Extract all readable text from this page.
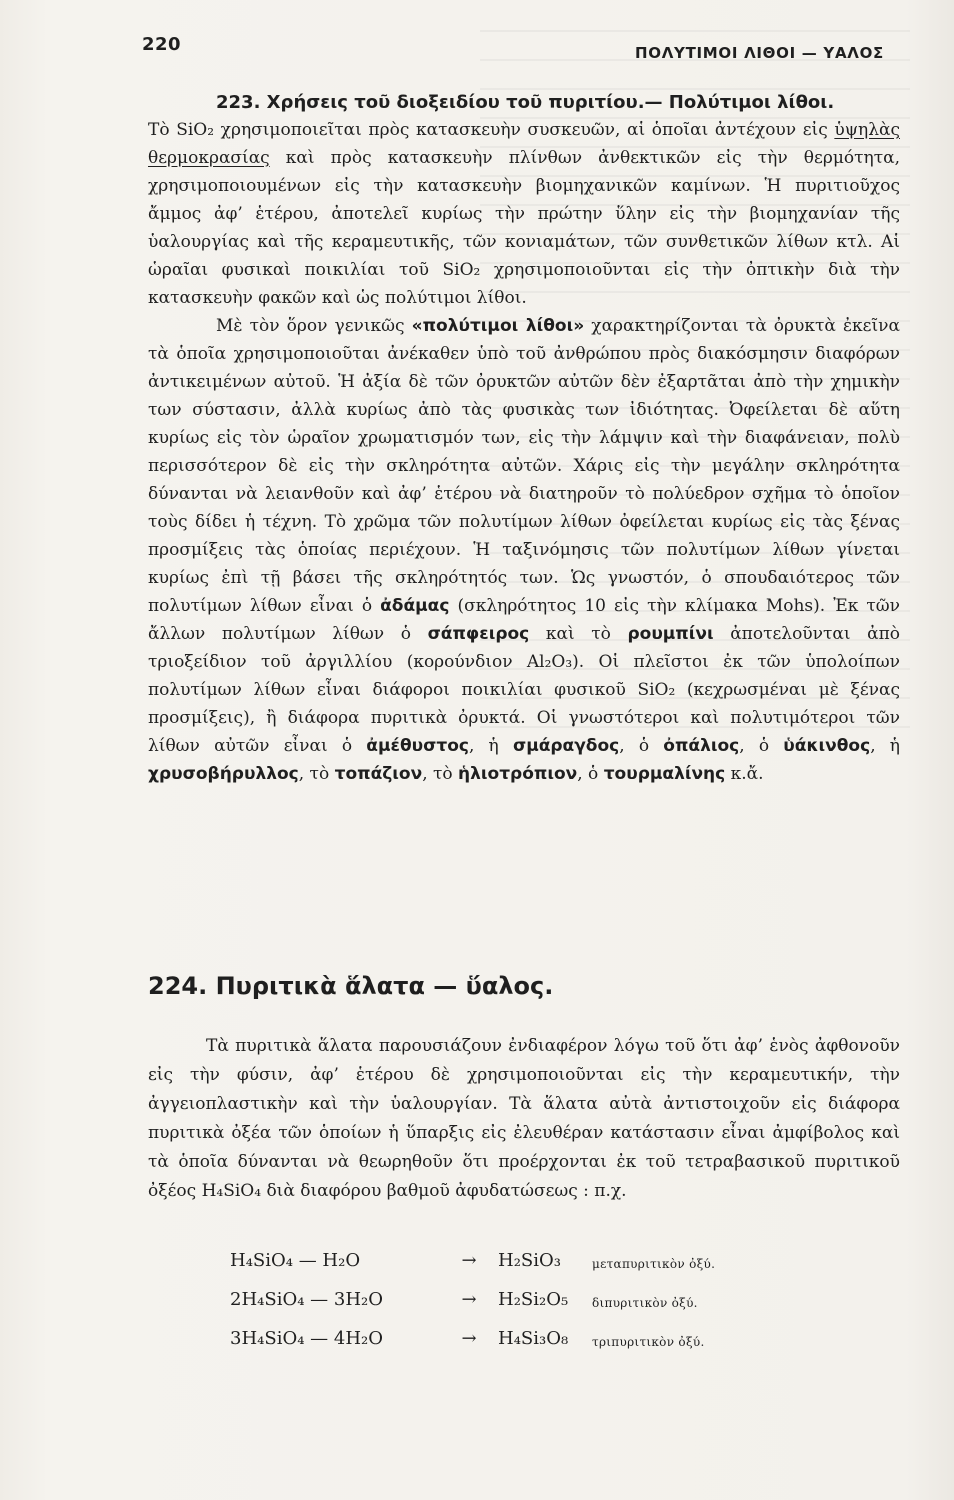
220	ΠΟΛΥΤΙΜΟΙ ΛΙΘΟΙ — ΥΑΛΟΣ
223. Χρήσεις τοῦ διοξειδίου τοῦ πυριτίου.— Πολύτιμοι λίθοι.

Τὸ SiO₂ χρησιμοποιεῖται πρὸς κατασκευὴν συσκευῶν, αἱ ὁποῖαι ἀντέχουν εἰς ὑψηλὰς θερμοκρασίας καὶ πρὸς κατασκευὴν πλίνθων ἀνθεκτικῶν εἰς τὴν θερμότητα, χρησιμοποιουμένων εἰς τὴν κατασκευὴν βιομηχανικῶν καμίνων. Ἡ πυριτιοῦχος ἄμμος ἀφ’ ἑτέρου, ἀποτελεῖ κυρίως τὴν πρώτην ὕλην εἰς τὴν βιομηχανίαν τῆς ὑαλουργίας καὶ τῆς κεραμευτικῆς, τῶν κονιαμάτων, τῶν συνθετικῶν λίθων κτλ. Αἱ ὡραῖαι φυσικαὶ ποικιλίαι τοῦ SiO₂ χρησιμοποιοῦνται εἰς τὴν ὀπτικὴν διὰ τὴν κατασκευὴν φακῶν καὶ ὡς πολύτιμοι λίθοι.

Μὲ τὸν ὅρον γενικῶς «πολύτιμοι λίθοι» χαρακτηρίζονται τὰ ὀρυκτὰ ἐκεῖνα τὰ ὁποῖα χρησιμοποιοῦται ἀνέκαθεν ὑπὸ τοῦ ἀνθρώπου πρὸς διακόσμησιν διαφόρων ἀντικειμένων αὐτοῦ. Ἡ ἀξία δὲ τῶν ὀρυκτῶν αὐτῶν δὲν ἐξαρτᾶται ἀπὸ τὴν χημικὴν των σύστασιν, ἀλλὰ κυρίως ἀπὸ τὰς φυσικὰς των ἰδιότητας. Ὀφείλεται δὲ αὕτη κυρίως εἰς τὸν ὡραῖον χρωματισμόν των, εἰς τὴν λάμψιν καὶ τὴν διαφάνειαν, πολὺ περισσότερον δὲ εἰς τὴν σκληρότητα αὐτῶν. Χάρις εἰς τὴν μεγάλην σκληρότητα δύνανται νὰ λειανθοῦν καὶ ἀφ’ ἑτέρου νὰ διατηροῦν τὸ πολύεδρον σχῆμα τὸ ὁποῖον τοὺς δίδει ἡ τέχνη. Τὸ χρῶμα τῶν πολυτίμων λίθων ὀφείλεται κυρίως εἰς τὰς ξένας προσμίξεις τὰς ὁποίας περιέχουν. Ἡ ταξινόμησις τῶν πολυτίμων λίθων γίνεται κυρίως ἐπὶ τῇ βάσει τῆς σκληρότητός των. Ὡς γνωστόν, ὁ σπουδαιότερος τῶν πολυτίμων λίθων εἶναι ὁ ἀδάμας (σκληρότητος 10 εἰς τὴν κλίμακα Mohs). Ἐκ τῶν ἄλλων πολυτίμων λίθων ὁ σάπφειρος καὶ τὸ ρουμπίνι ἀποτελοῦνται ἀπὸ τριοξείδιον τοῦ ἀργιλλίου (κορούνδιον Al₂O₃). Οἱ πλεῖστοι ἐκ τῶν ὑπολοίπων πολυτίμων λίθων εἶναι διάφοροι ποικιλίαι φυσικοῦ SiO₂ (κεχρωσμέναι μὲ ξένας προσμίξεις), ἢ διάφορα πυριτικὰ ὀρυκτά. Οἱ γνωστότεροι καὶ πολυτιμότεροι τῶν λίθων αὐτῶν εἶναι ὁ ἀμέθυστος, ἡ σμάραγδος, ὁ ὀπάλιος, ὁ ὑάκινθος, ἡ χρυσοβήρυλλος, τὸ τοπάζιον, τὸ ἡλιοτρόπιον, ὁ τουρμαλίνης κ.ἄ.

224. Πυριτικὰ ἅλατα — ὕαλος.

Τὰ πυριτικὰ ἅλατα παρουσιάζουν ἐνδιαφέρον λόγω τοῦ ὅτι ἀφ’ ἑνὸς ἀφθονοῦν εἰς τὴν φύσιν, ἀφ’ ἑτέρου δὲ χρησιμοποιοῦνται εἰς τὴν κεραμευτικήν, τὴν ἀγγειοπλαστικὴν καὶ τὴν ὑαλουργίαν. Τὰ ἅλατα αὐτὰ ἀντιστοιχοῦν εἰς διάφορα πυριτικὰ ὀξέα τῶν ὁποίων ἡ ὕπαρξις εἰς ἐλευθέραν κατάστασιν εἶναι ἀμφίβολος καὶ τὰ ὁποῖα δύνανται νὰ θεωρηθοῦν ὅτι προέρχονται ἐκ τοῦ τετραβασικοῦ πυριτικοῦ ὀξέος H₄SiO₄ διὰ διαφόρου βαθμοῦ ἀφυδατώσεως : π.χ.

H₄SiO₄ — H₂O	→	H₂SiO₃	μεταπυριτικὸν ὀξύ.
2H₄SiO₄ — 3H₂O	→	H₂Si₂O₅	διπυριτικὸν ὀξύ.
3H₄SiO₄ — 4H₂O	→	H₄Si₃O₈	τριπυριτικὸν ὀξύ.
